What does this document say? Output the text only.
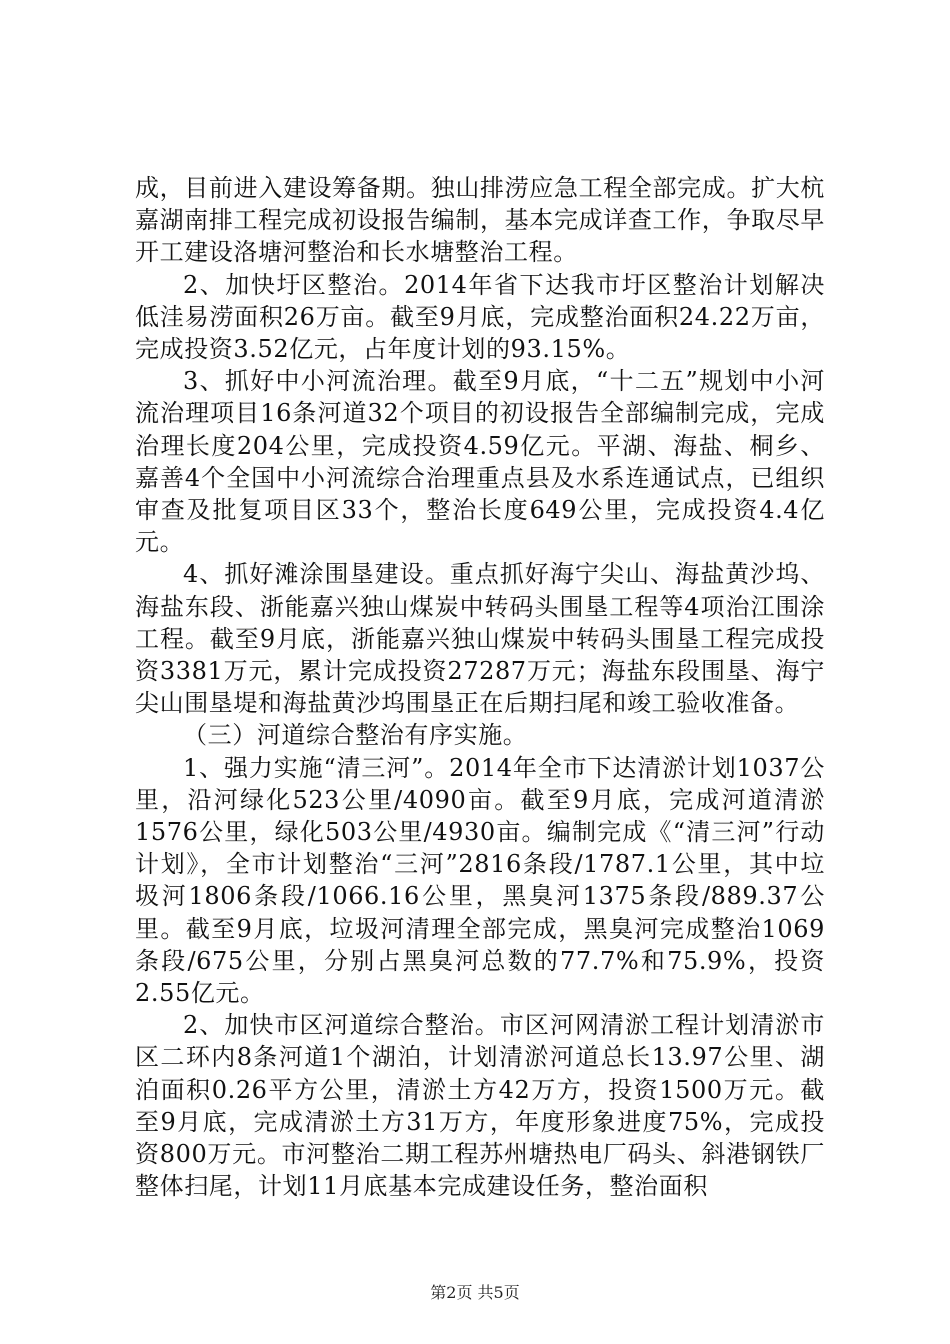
成，目前进入建设筹备期。独山排涝应急工程全部完成。扩大杭嘉湖南排工程完成初设报告编制，基本完成详查工作，争取尽早开工建设洛塘河整治和长水塘整治工程。

2、加快圩区整治。2014年省下达我市圩区整治计划解决低洼易涝面积26万亩。截至9月底，完成整治面积24.22万亩，完成投资3.52亿元，占年度计划的93.15%。

3、抓好中小河流治理。截至9月底，“十二五”规划中小河流治理项目16条河道32个项目的初设报告全部编制完成，完成治理长度204公里，完成投资4.59亿元。平湖、海盐、桐乡、嘉善4个全国中小河流综合治理重点县及水系连通试点，已组织审查及批复项目区33个，整治长度649公里，完成投资4.4亿元。

4、抓好滩涂围垦建设。重点抓好海宁尖山、海盐黄沙坞、海盐东段、浙能嘉兴独山煤炭中转码头围垦工程等4项治江围涂工程。截至9月底，浙能嘉兴独山煤炭中转码头围垦工程完成投资3381万元，累计完成投资27287万元；海盐东段围垦、海宁尖山围垦堤和海盐黄沙坞围垦正在后期扫尾和竣工验收准备。

（三）河道综合整治有序实施。

1、强力实施“清三河”。2014年全市下达清淤计划1037公里，沿河绿化523公里/4090亩。截至9月底，完成河道清淤1576公里，绿化503公里/4930亩。编制完成《“清三河”行动计划》，全市计划整治“三河”2816条段/1787.1公里，其中垃圾河1806条段/1066.16公里，黑臭河1375条段/889.37公里。截至9月底，垃圾河清理全部完成，黑臭河完成整治1069条段/675公里，分别占黑臭河总数的77.7%和75.9%，投资2.55亿元。

2、加快市区河道综合整治。市区河网清淤工程计划清淤市区二环内8条河道1个湖泊，计划清淤河道总长13.97公里、湖泊面积0.26平方公里，清淤土方42万方，投资1500万元。截至9月底，完成清淤土方31万方，年度形象进度75%，完成投资800万元。市河整治二期工程苏州塘热电厂码头、斜港钢铁厂整体扫尾，计划11月底基本完成建设任务，整治面积

第2页 共5页
